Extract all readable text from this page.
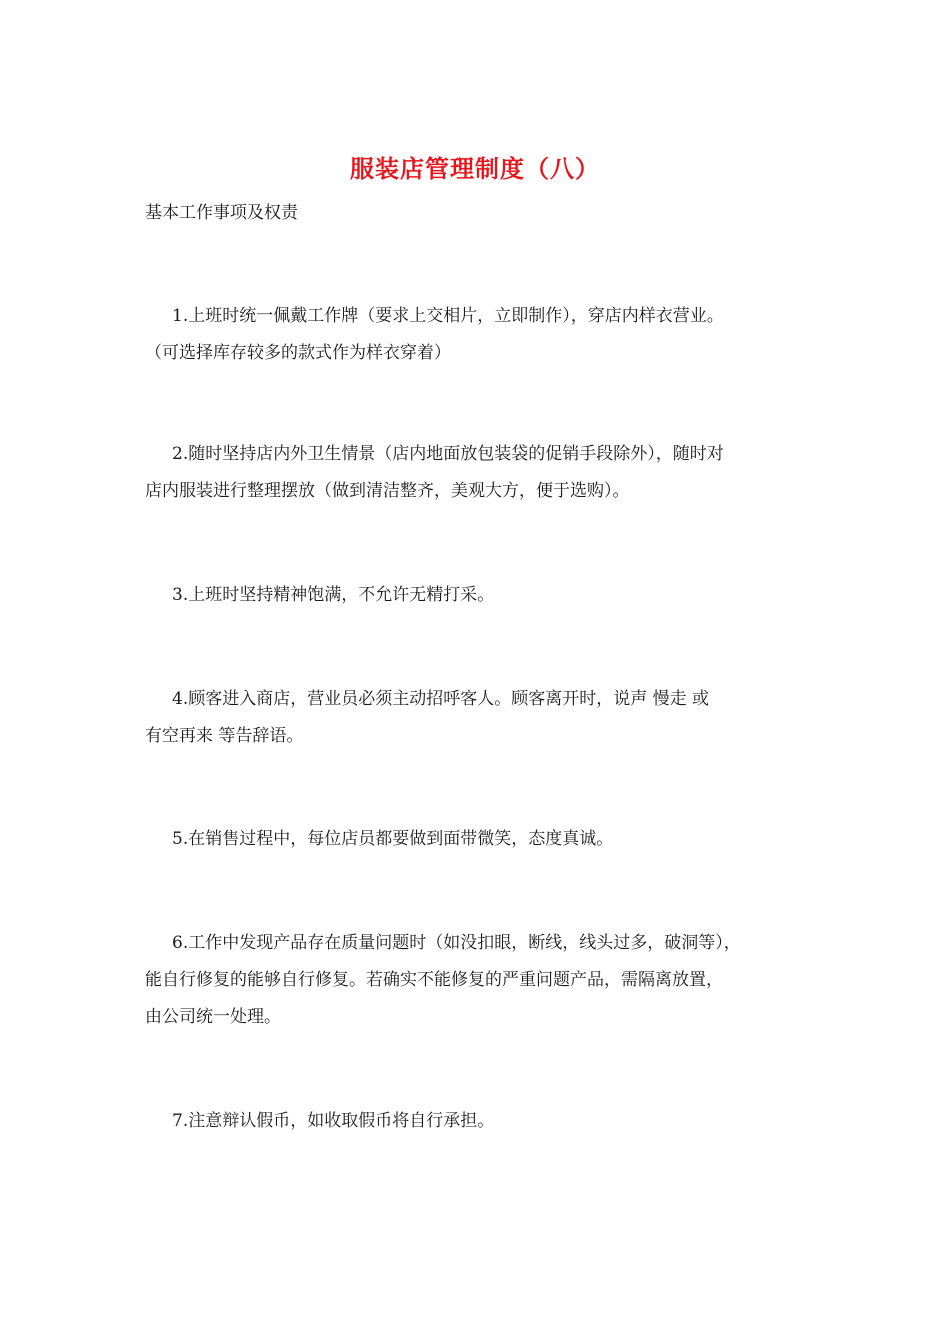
服装店管理制度（八）
基本工作事项及权责
1.上班时统一佩戴工作牌（要求上交相片，立即制作），穿店内样衣营业。
（可选择库存较多的款式作为样衣穿着）
2.随时坚持店内外卫生情景（店内地面放包装袋的促销手段除外），随时对
店内服装进行整理摆放（做到清洁整齐，美观大方，便于选购）。
3.上班时坚持精神饱满，不允许无精打采。
4.顾客进入商店，营业员必须主动招呼客人。顾客离开时，说声 慢走 或
有空再来 等告辞语。
5.在销售过程中，每位店员都要做到面带微笑，态度真诚。
6.工作中发现产品存在质量问题时（如没扣眼，断线，线头过多，破洞等），
能自行修复的能够自行修复。若确实不能修复的严重问题产品，需隔离放置，
由公司统一处理。
7.注意辩认假币，如收取假币将自行承担。
